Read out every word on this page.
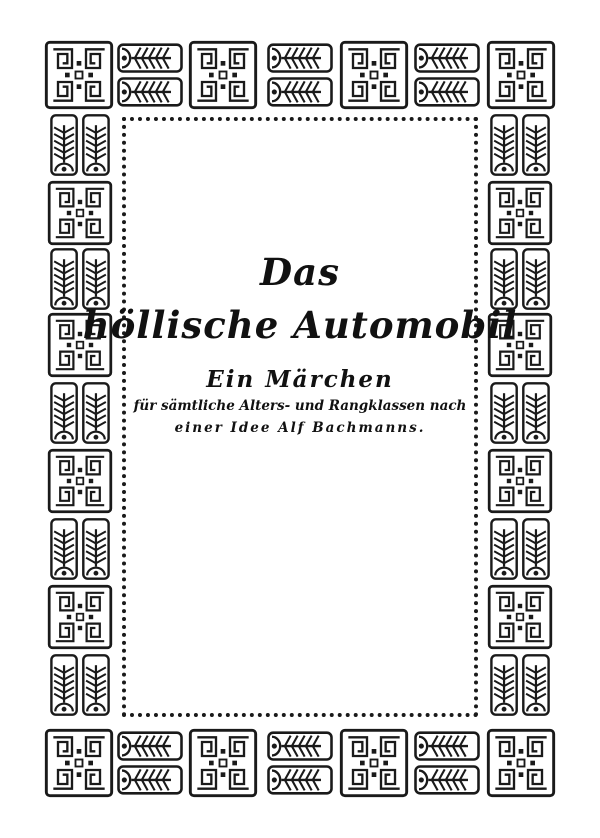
Das
höllische Automobil
Ein Märchen
für sämtliche Alters- und Rangklassen nach
einer Idee Alf Bachmanns.
